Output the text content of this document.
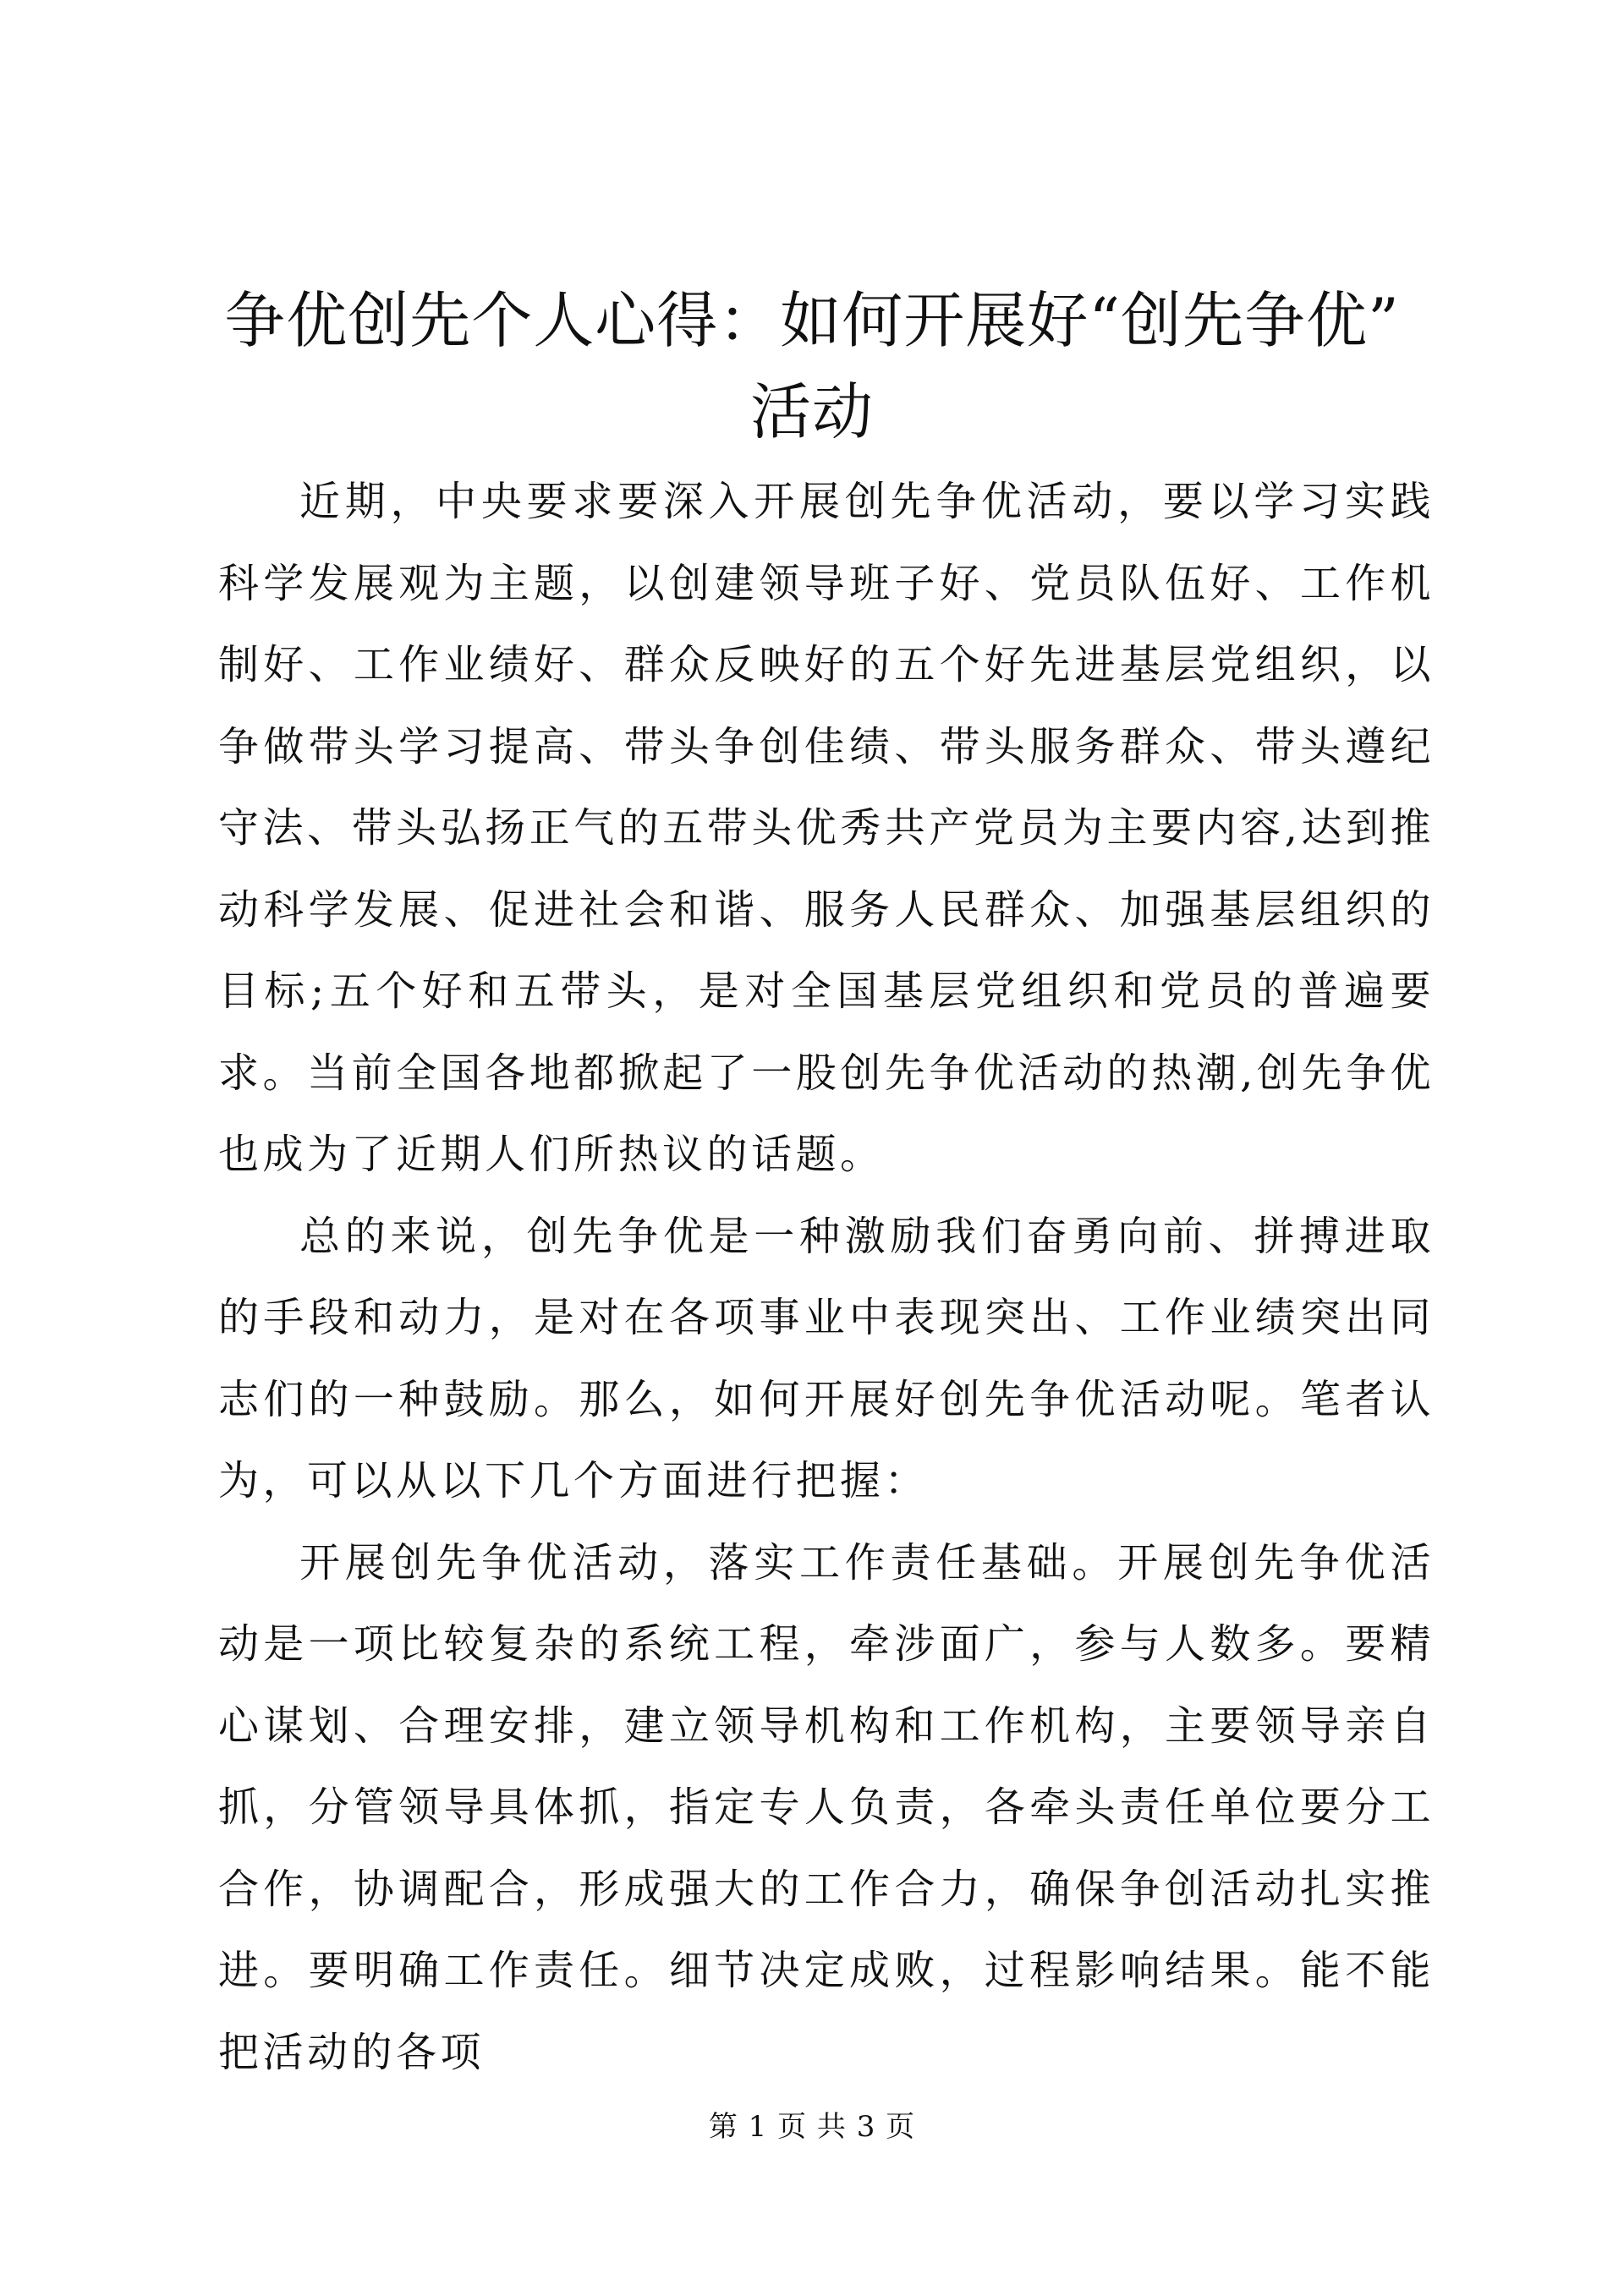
争优创先个人心得：如何开展好“创先争优”
活动

近期，中央要求要深入开展创先争优活动，要以学习实践科学发展观为主题，以创建领导班子好、党员队伍好、工作机制好、工作业绩好、群众反映好的五个好先进基层党组织，以争做带头学习提高、带头争创佳绩、带头服务群众、带头遵纪守法、带头弘扬正气的五带头优秀共产党员为主要内容,达到推动科学发展、促进社会和谐、服务人民群众、加强基层组织的目标;五个好和五带头，是对全国基层党组织和党员的普遍要求。当前全国各地都掀起了一股创先争优活动的热潮,创先争优也成为了近期人们所热议的话题。

总的来说，创先争优是一种激励我们奋勇向前、拼搏进取的手段和动力，是对在各项事业中表现突出、工作业绩突出同志们的一种鼓励。那么，如何开展好创先争优活动呢。笔者认为，可以从以下几个方面进行把握：

开展创先争优活动，落实工作责任基础。开展创先争优活动是一项比较复杂的系统工程，牵涉面广，参与人数多。要精心谋划、合理安排，建立领导机构和工作机构，主要领导亲自抓，分管领导具体抓，指定专人负责，各牵头责任单位要分工合作，协调配合，形成强大的工作合力，确保争创活动扎实推进。要明确工作责任。细节决定成败，过程影响结果。能不能把活动的各项

第 1 页 共 3 页
